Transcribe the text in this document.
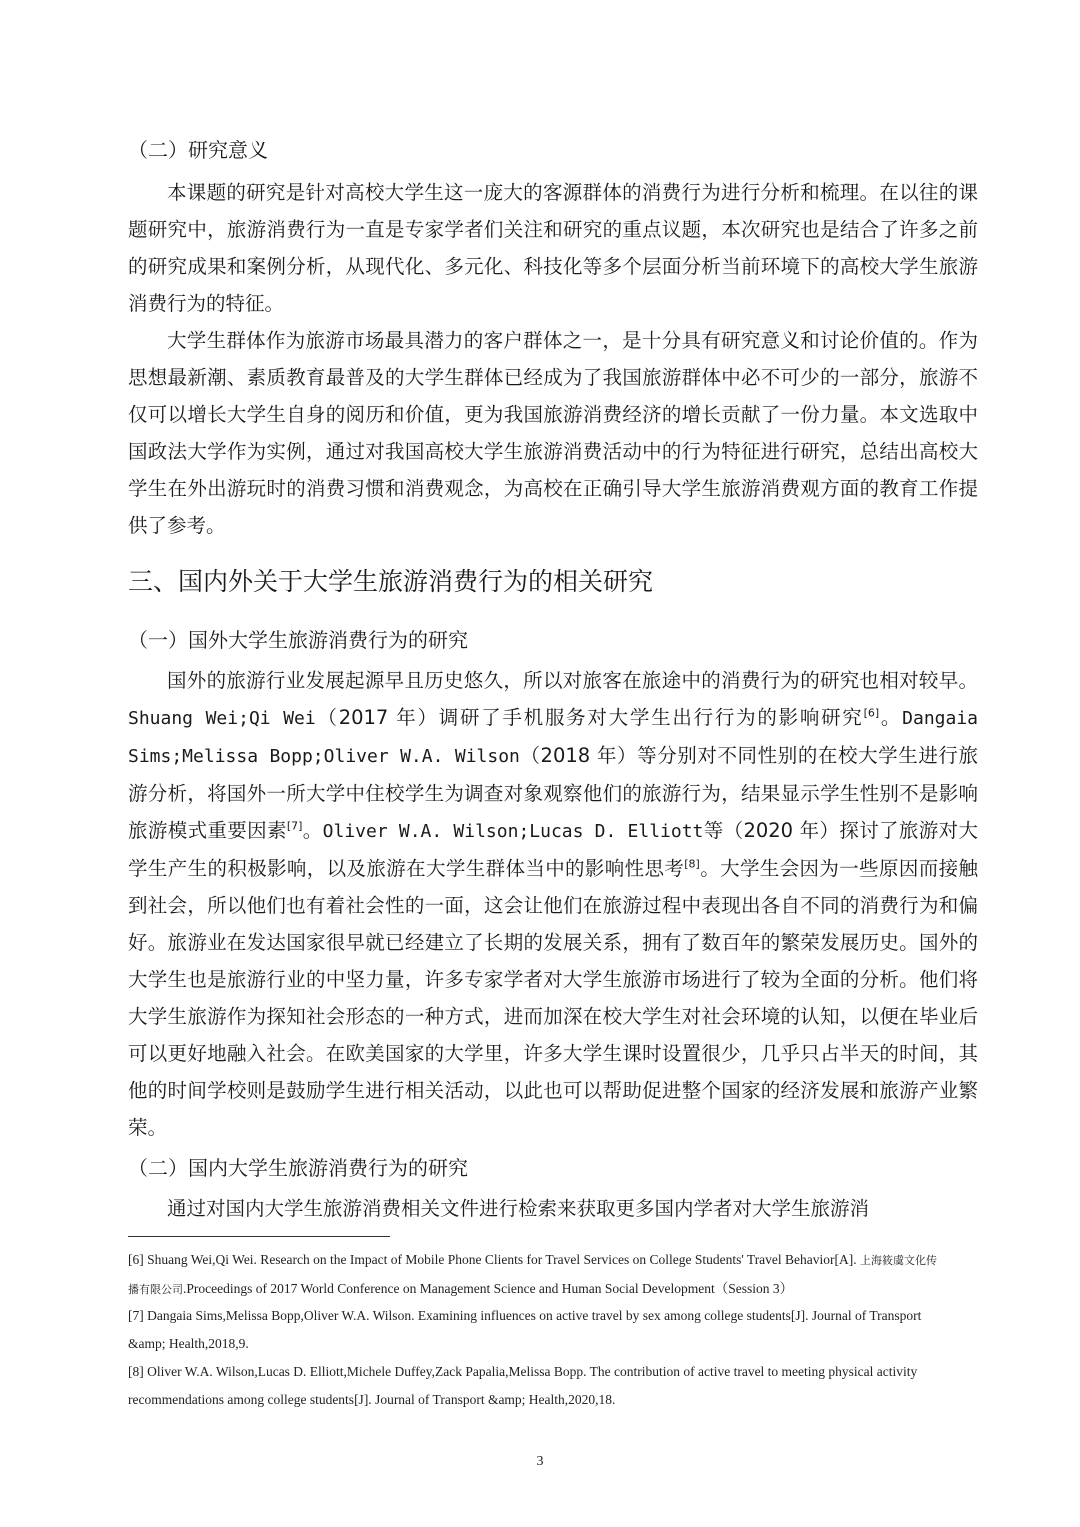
（二）研究意义

本课题的研究是针对高校大学生这一庞大的客源群体的消费行为进行分析和梳理。在以往的课题研究中，旅游消费行为一直是专家学者们关注和研究的重点议题，本次研究也是结合了许多之前的研究成果和案例分析，从现代化、多元化、科技化等多个层面分析当前环境下的高校大学生旅游消费行为的特征。

大学生群体作为旅游市场最具潜力的客户群体之一，是十分具有研究意义和讨论价值的。作为思想最新潮、素质教育最普及的大学生群体已经成为了我国旅游群体中必不可少的一部分，旅游不仅可以增长大学生自身的阅历和价值，更为我国旅游消费经济的增长贡献了一份力量。本文选取中国政法大学作为实例，通过对我国高校大学生旅游消费活动中的行为特征进行研究，总结出高校大学生在外出游玩时的消费习惯和消费观念，为高校在正确引导大学生旅游消费观方面的教育工作提供了参考。

三、国内外关于大学生旅游消费行为的相关研究
（一）国外大学生旅游消费行为的研究

国外的旅游行业发展起源早且历史悠久，所以对旅客在旅途中的消费行为的研究也相对较早。Shuang Wei;Qi Wei（2017 年）调研了手机服务对大学生出行行为的影响研究[6]。Dangaia Sims;Melissa Bopp;Oliver W.A. Wilson（2018 年）等分别对不同性别的在校大学生进行旅游分析，将国外一所大学中住校学生为调查对象观察他们的旅游行为，结果显示学生性别不是影响旅游模式重要因素[7]。Oliver W.A. Wilson;Lucas D. Elliott等（2020 年）探讨了旅游对大学生产生的积极影响，以及旅游在大学生群体当中的影响性思考[8]。大学生会因为一些原因而接触到社会，所以他们也有着社会性的一面，这会让他们在旅游过程中表现出各自不同的消费行为和偏好。旅游业在发达国家很早就已经建立了长期的发展关系，拥有了数百年的繁荣发展历史。国外的大学生也是旅游行业的中坚力量，许多专家学者对大学生旅游市场进行了较为全面的分析。他们将大学生旅游作为探知社会形态的一种方式，进而加深在校大学生对社会环境的认知，以便在毕业后可以更好地融入社会。在欧美国家的大学里，许多大学生课时设置很少，几乎只占半天的时间，其他的时间学校则是鼓励学生进行相关活动，以此也可以帮助促进整个国家的经济发展和旅游产业繁荣。

（二）国内大学生旅游消费行为的研究

通过对国内大学生旅游消费相关文件进行检索来获取更多国内学者对大学生旅游消

[6] Shuang Wei,Qi Wei. Research on the Impact of Mobile Phone Clients for Travel Services on College Students' Travel Behavior[A]. 上海筱虞文化传
播有限公司.Proceedings of 2017 World Conference on Management Science and Human Social Development（Session 3）
[7] Dangaia Sims,Melissa Bopp,Oliver W.A. Wilson. Examining influences on active travel by sex among college students[J]. Journal of Transport
&amp; Health,2018,9.
[8] Oliver W.A. Wilson,Lucas D. Elliott,Michele Duffey,Zack Papalia,Melissa Bopp. The contribution of active travel to meeting physical activity
recommendations among college students[J]. Journal of Transport &amp; Health,2020,18.
3
